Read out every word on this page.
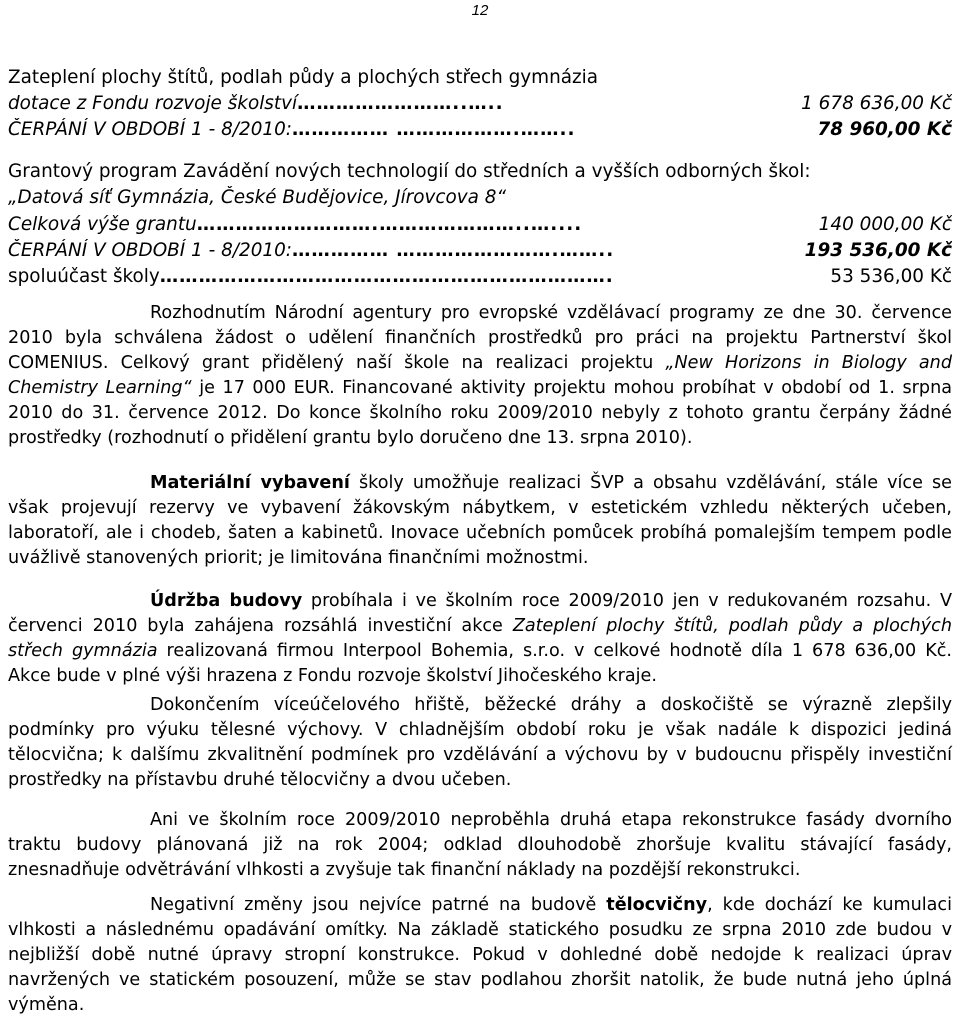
12
Zateplení plochy štítů, podlah půdy a plochých střech gymnázia
dotace z Fondu rozvoje školství ……………………..…..	1 678 636,00 Kč
ČERPÁNÍ V OBDOBÍ 1 - 8/2010: …………… ……………….……..	78 960,00 Kč
Grantový program Zavádění nových technologií do středních a vyšších odborných škol:
„Datová síť Gymnázia, České Budějovice, Jírovcova 8“
Celková výše grantu ……………………….…………………..…....	140 000,00 Kč
ČERPÁNÍ V OBDOBÍ 1 - 8/2010: …………… …………………….……..	193 536,00 Kč
spoluúčast školy …………………………………………………………….	53 536,00 Kč

Rozhodnutím Národní agentury pro evropské vzdělávací programy ze dne 30. července 2010 byla schválena žádost o udělení finančních prostředků pro práci na projektu Partnerství škol COMENIUS. Celkový grant přidělený naší škole na realizaci projektu „New Horizons in Biology and Chemistry Learning“ je 17 000 EUR. Financované aktivity projektu mohou probíhat v období od 1. srpna 2010 do 31. července 2012. Do konce školního roku 2009/2010 nebyly z tohoto grantu čerpány žádné prostředky (rozhodnutí o přidělení grantu bylo doručeno dne 13. srpna 2010).

Materiální vybavení školy umožňuje realizaci ŠVP a obsahu vzdělávání, stále více se však projevují rezervy ve vybavení žákovským nábytkem, v estetickém vzhledu některých učeben, laboratoří, ale i chodeb, šaten a kabinetů. Inovace učebních pomůcek probíhá pomalejším tempem podle uvážlivě stanovených priorit; je limitována finančními možnostmi.

Údržba budovy probíhala i ve školním roce 2009/2010 jen v redukovaném rozsahu. V červenci 2010 byla zahájena rozsáhlá investiční akce Zateplení plochy štítů, podlah půdy a plochých střech gymnázia realizovaná firmou Interpool Bohemia, s.r.o. v celkové hodnotě díla 1 678 636,00 Kč. Akce bude v plné výši hrazena z Fondu rozvoje školství Jihočeského kraje.

Dokončením víceúčelového hřiště, běžecké dráhy a doskočiště se výrazně zlepšily podmínky pro výuku tělesné výchovy. V chladnějším období roku je však nadále k dispozici jediná tělocvična; k dalšímu zkvalitnění podmínek pro vzdělávání a výchovu by v budoucnu přispěly investiční prostředky na přístavbu druhé tělocvičny a dvou učeben.

Ani ve školním roce 2009/2010 neproběhla druhá etapa rekonstrukce fasády dvorního traktu budovy plánovaná již na rok 2004; odklad dlouhodobě zhoršuje kvalitu stávající fasády, znesnadňuje odvětrávání vlhkosti a zvyšuje tak finanční náklady na pozdější rekonstrukci.

Negativní změny jsou nejvíce patrné na budově tělocvičny, kde dochází ke kumulaci vlhkosti a následnému opadávání omítky. Na základě statického posudku ze srpna 2010 zde budou v nejbližší době nutné úpravy stropní konstrukce. Pokud v dohledné době nedojde k realizaci úprav navržených ve statickém posouzení, může se stav podlahou zhoršit natolik, že bude nutná jeho úplná výměna.
